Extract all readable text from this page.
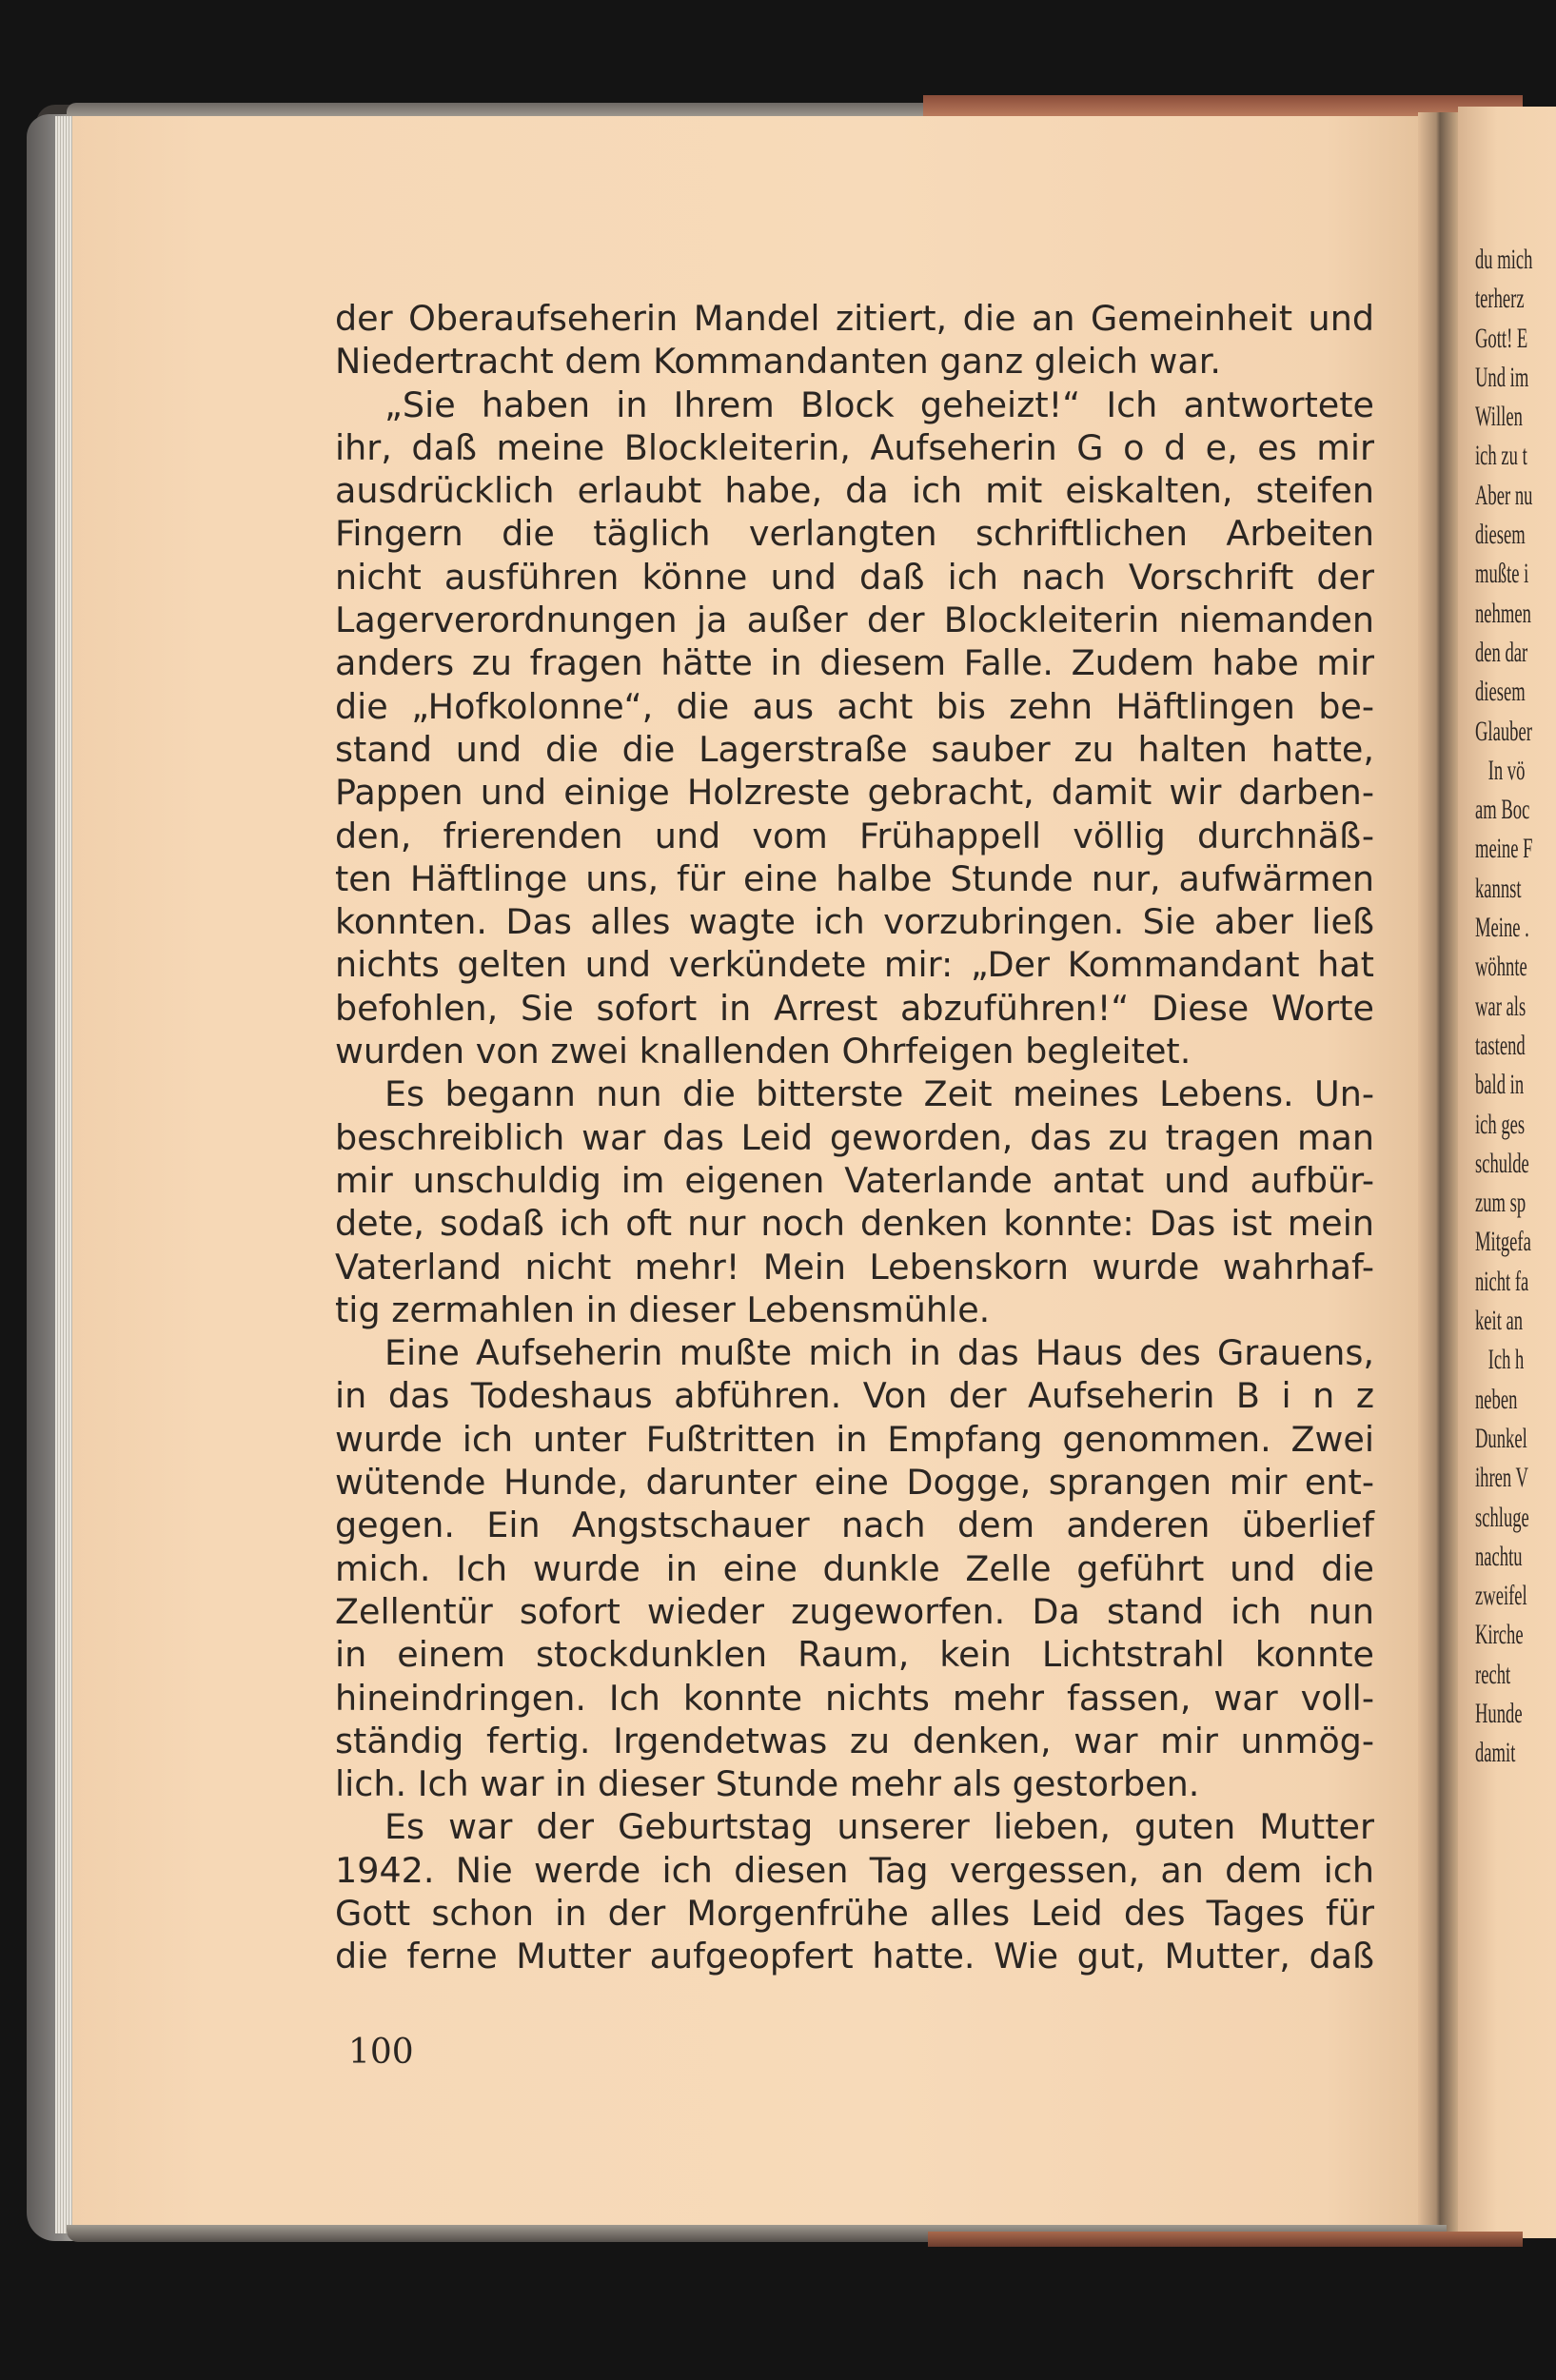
der Oberaufseherin Mandel zitiert, die an Gemeinheit und
Niedertracht dem Kommandanten ganz gleich war.
„Sie haben in Ihrem Block geheizt!“ Ich antwortete
ihr, daß meine Blockleiterin, Aufseherin G o d e, es mir
ausdrücklich erlaubt habe, da ich mit eiskalten, steifen
Fingern die täglich verlangten schriftlichen Arbeiten
nicht ausführen könne und daß ich nach Vorschrift der
Lagerverordnungen ja außer der Blockleiterin niemanden
anders zu fragen hätte in diesem Falle. Zudem habe mir
die „Hofkolonne“, die aus acht bis zehn Häftlingen be-
stand und die die Lagerstraße sauber zu halten hatte,
Pappen und einige Holzreste gebracht, damit wir darben-
den, frierenden und vom Frühappell völlig durchnäß-
ten Häftlinge uns, für eine halbe Stunde nur, aufwärmen
konnten. Das alles wagte ich vorzubringen. Sie aber ließ
nichts gelten und verkündete mir: „Der Kommandant hat
befohlen, Sie sofort in Arrest abzuführen!“ Diese Worte
wurden von zwei knallenden Ohrfeigen begleitet.
Es begann nun die bitterste Zeit meines Lebens. Un-
beschreiblich war das Leid geworden, das zu tragen man
mir unschuldig im eigenen Vaterlande antat und aufbür-
dete, sodaß ich oft nur noch denken konnte: Das ist mein
Vaterland nicht mehr! Mein Lebenskorn wurde wahrhaf-
tig zermahlen in dieser Lebensmühle.
Eine Aufseherin mußte mich in das Haus des Grauens,
in das Todeshaus abführen. Von der Aufseherin B i n z
wurde ich unter Fußtritten in Empfang genommen. Zwei
wütende Hunde, darunter eine Dogge, sprangen mir ent-
gegen. Ein Angstschauer nach dem anderen überlief
mich. Ich wurde in eine dunkle Zelle geführt und die
Zellentür sofort wieder zugeworfen. Da stand ich nun
in einem stockdunklen Raum, kein Lichtstrahl konnte
hineindringen. Ich konnte nichts mehr fassen, war voll-
ständig fertig. Irgendetwas zu denken, war mir unmög-
lich. Ich war in dieser Stunde mehr als gestorben.
Es war der Geburtstag unserer lieben, guten Mutter
1942. Nie werde ich diesen Tag vergessen, an dem ich
Gott schon in der Morgenfrühe alles Leid des Tages für
die ferne Mutter aufgeopfert hatte. Wie gut, Mutter, daß
100
du mich
terherz
Gott! E
Und im
Willen
ich zu t
Aber nu
diesem
mußte i
nehmen
den dar
diesem
Glauber
In vö
am Boc
meine F
kannst
Meine .
wöhnte
war als
tastend
bald in
ich ges
schulde
zum sp
Mitgefa
nicht fa
keit an
Ich h
neben
Dunkel
ihren V
schluge
nachtu
zweifel
Kirche
recht
Hunde
damit
